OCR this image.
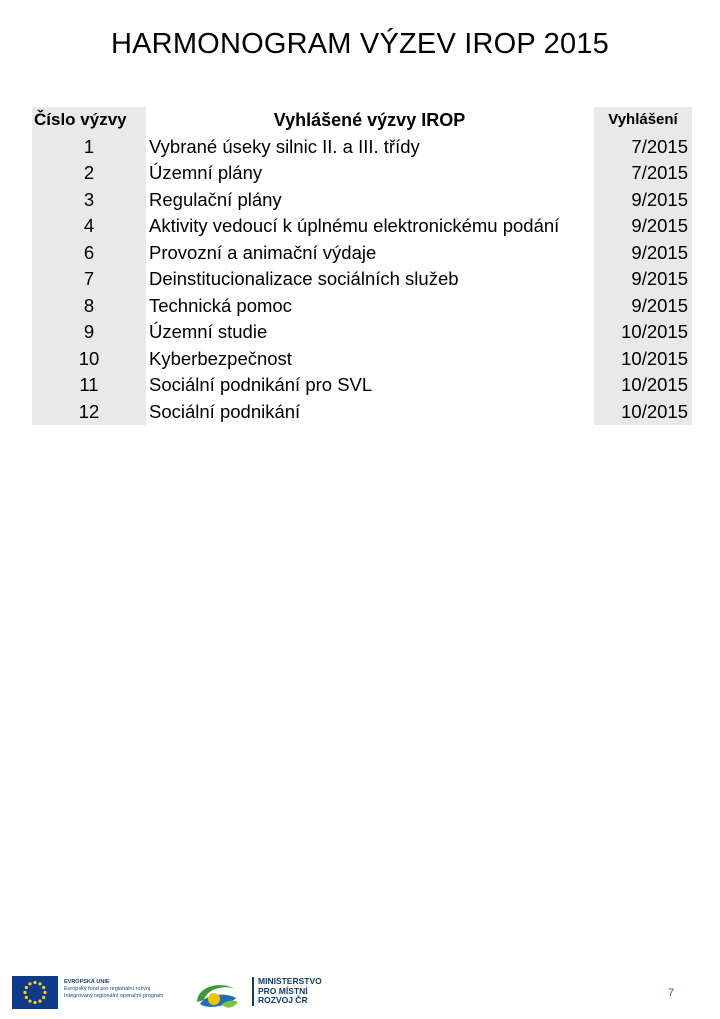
HARMONOGRAM VÝZEV IROP 2015
Číslo výzvy	Vyhlášené výzvy IROP		Vyhlášení
1	Vybrané úseky silnic II. a III. třídy		7/2015
2	Územní plány		7/2015
3	Regulační plány		9/2015
4	Aktivity vedoucí k úplnému elektronickému podání		9/2015
6	Provozní a animační výdaje		9/2015
7	Deinstitucionalizace sociálních služeb		9/2015
8	Technická pomoc		9/2015
9	Územní studie		10/2015
10	Kyberbezpečnost		10/2015
11	Sociální podnikání pro SVL		10/2015
12	Sociální podnikání		10/2015
EVROPSKÁ UNIE
Evropský fond pro regionální rozvoj
Integrovaný regionální operační program
MINISTERSTVO
PRO MÍSTNÍ
ROZVOJ ČR
7
